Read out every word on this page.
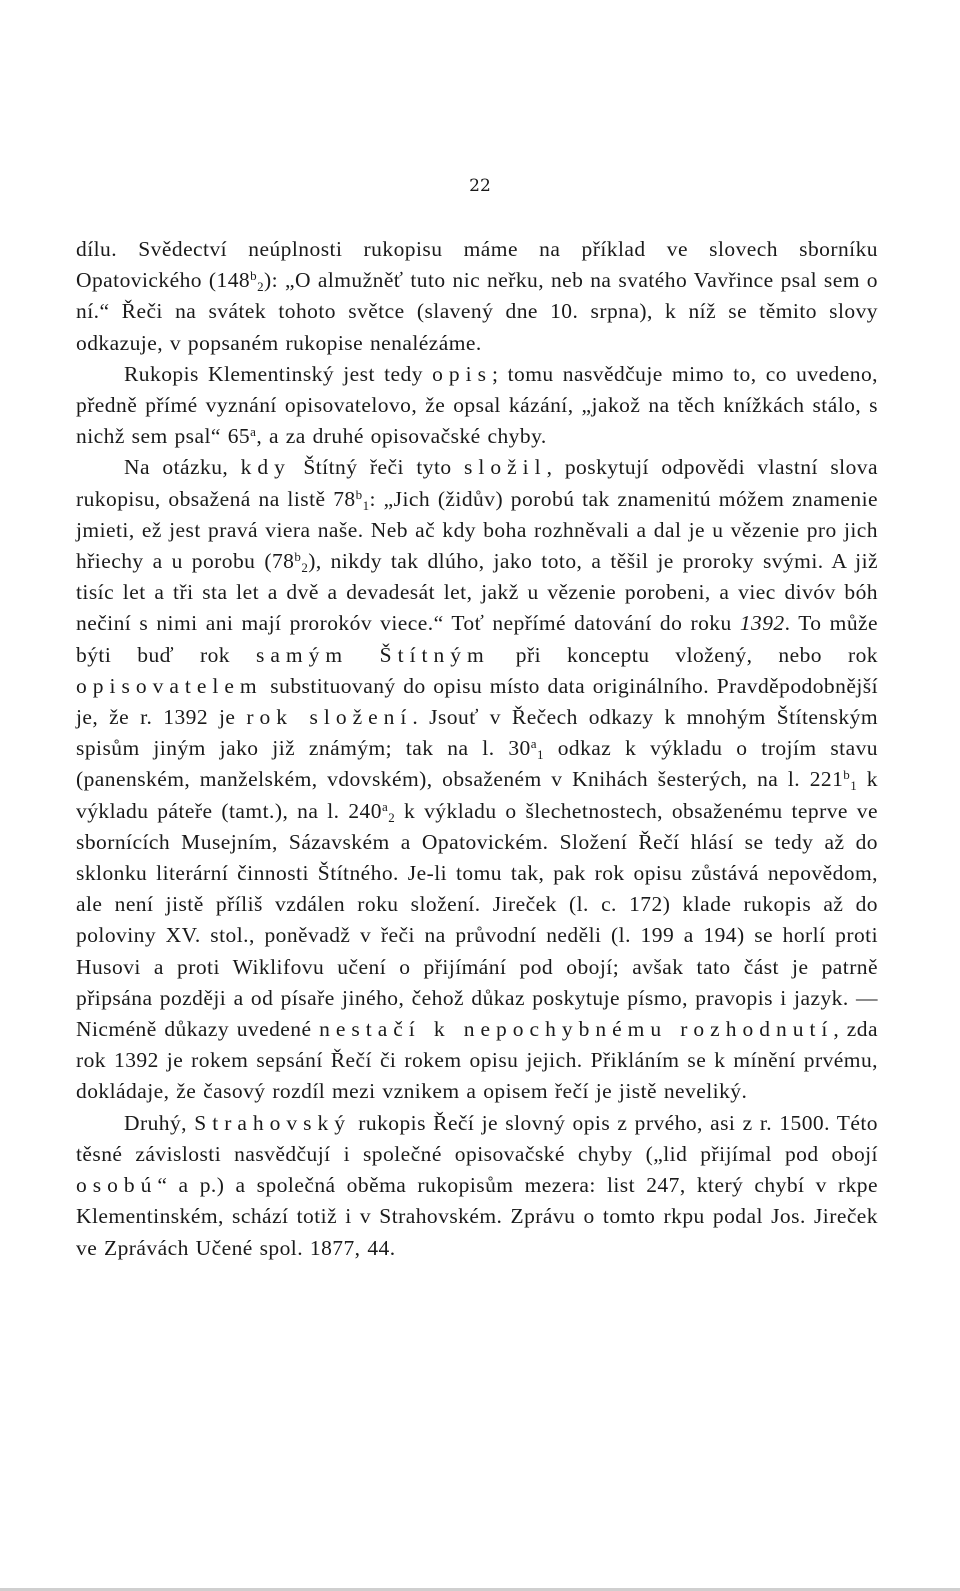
22

dílu. Svědectví neúplnosti rukopisu máme na příklad ve slovech sborníku Opatovického $(148^b_2)$: „O almužněť tuto nic neřku, neb na svatého Vavřince psal sem o ní.“ Řeči na svátek tohoto světce (slavený dne 10. srpna), k níž se těmito slovy odkazuje, v popsaném rukopise nenalézáme.

Rukopis Klementinský jest tedy opis; tomu nasvědčuje mimo to, co uvedeno, předně přímé vyznání opisovatelovo, že opsal kázání, „jakož na těch knížkách stálo, s nichž sem psal“ 65$^a$, a za druhé opisovačské chyby.

Na otázku, kdy Štítný řeči tyto složil, poskytují odpovědi vlastní slova rukopisu, obsažená na listě $78^b_1$: „Jich (židův) porobú tak znamenitú móžem znamenie jmieti, ež jest pravá viera naše. Neb ač kdy boha rozhněvali a dal je u vězenie pro jich hřiechy a u porobu $(78^b_2)$, nikdy tak dlúho, jako toto, a těšil je proroky svými. A již tisíc let a tři sta let a dvě a devadesát let, jakž u vězenie porobeni, a viec divóv bóh nečiní s nimi ani mají prorokóv viece.“ Toť nepřímé datování do roku 1392. To může býti buď rok samým Štítným při konceptu vložený, nebo rok opisovatelem substituovaný do opisu místo data originálního. Pravděpodobnější je, že r. 1392 je rok složení. Jsouť v Řečech odkazy k mnohým Štítenským spisům jiným jako již známým; tak na l. $30^a_1$ odkaz k výkladu o trojím stavu (panenském, manželském, vdovském), obsaženém v Knihách šesterých, na l. $221^b_1$ k výkladu páteře (tamt.), na l. $240^a_2$ k výkladu o šlechetnostech, obsaženému teprve ve sbornících Musejním, Sázavském a Opatovickém. Složení Řečí hlásí se tedy až do sklonku literární činnosti Štítného. Je-li tomu tak, pak rok opisu zůstává nepovědom, ale není jistě příliš vzdálen roku složení. Jireček (l. c. 172) klade rukopis až do poloviny XV. stol., poněvadž v řeči na průvodní neděli (l. 199 a 194) se horlí proti Husovi a proti Wiklifovu učení o přijímání pod obojí; avšak tato část je patrně připsána později a od písaře jiného, čehož důkaz poskytuje písmo, pravopis i jazyk. — Nicméně důkazy uvedené nestačí k nepochybnému rozhodnutí, zda rok 1392 je rokem sepsání Řečí či rokem opisu jejich. Přikláním se k mínění prvému, dokládaje, že časový rozdíl mezi vznikem a opisem řečí je jistě neveliký.

Druhý, Strahovský rukopis Řečí je slovný opis z prvého, asi z r. 1500. Této těsné závislosti nasvědčují i společné opisovačské chyby („lid přijímal pod obojí osobú“ a p.) a společná oběma rukopisům mezera: list 247, který chybí v rkpe Klementinském, schází totiž i v Strahovském. Zprávu o tomto rkpu podal Jos. Jireček ve Zprávách Učené spol. 1877, 44.
